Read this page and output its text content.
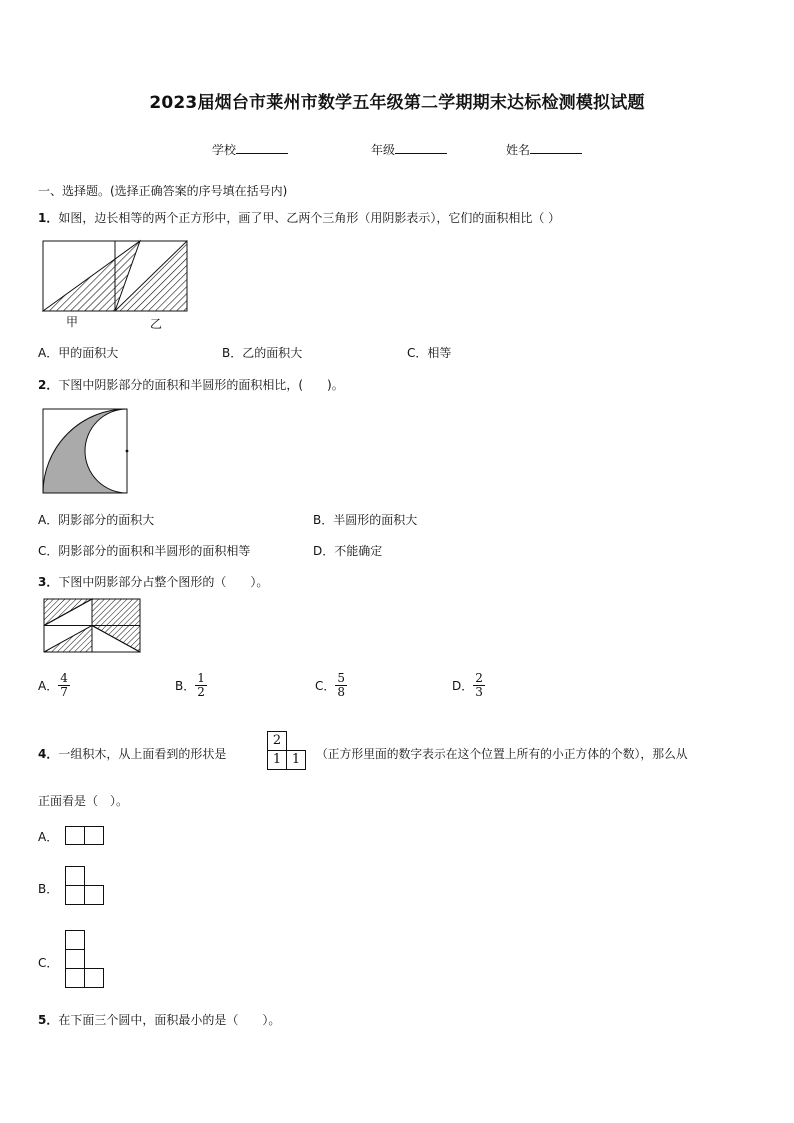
2023届烟台市莱州市数学五年级第二学期期末达标检测模拟试题
学校	年级	姓名
一、选择题。(选择正确答案的序号填在括号内)
1．如图，边长相等的两个正方形中，画了甲、乙两个三角形（用阴影表示），它们的面积相比（ ）
甲	乙
A．甲的面积大	B．乙的面积大	C．相等
2．下图中阴影部分的面积和半圆形的面积相比，(　　)。
A．阴影部分的面积大	B．半圆形的面积大
C．阴影部分的面积和半圆形的面积相等	D．不能确定
3．下图中阴影部分占整个图形的（　　）。
A． $\frac{4}{7}$	B． $\frac{1}{2}$	C． $\frac{5}{8}$	D． $\frac{2}{3}$
4．一组积木，从上面看到的形状是
2
1 1	（正方形里面的数字表示在这个位置上所有的小正方体的个数），那么从
正面看是（　）。
A．
B．
C．
5．在下面三个圆中，面积最小的是（　　）。
